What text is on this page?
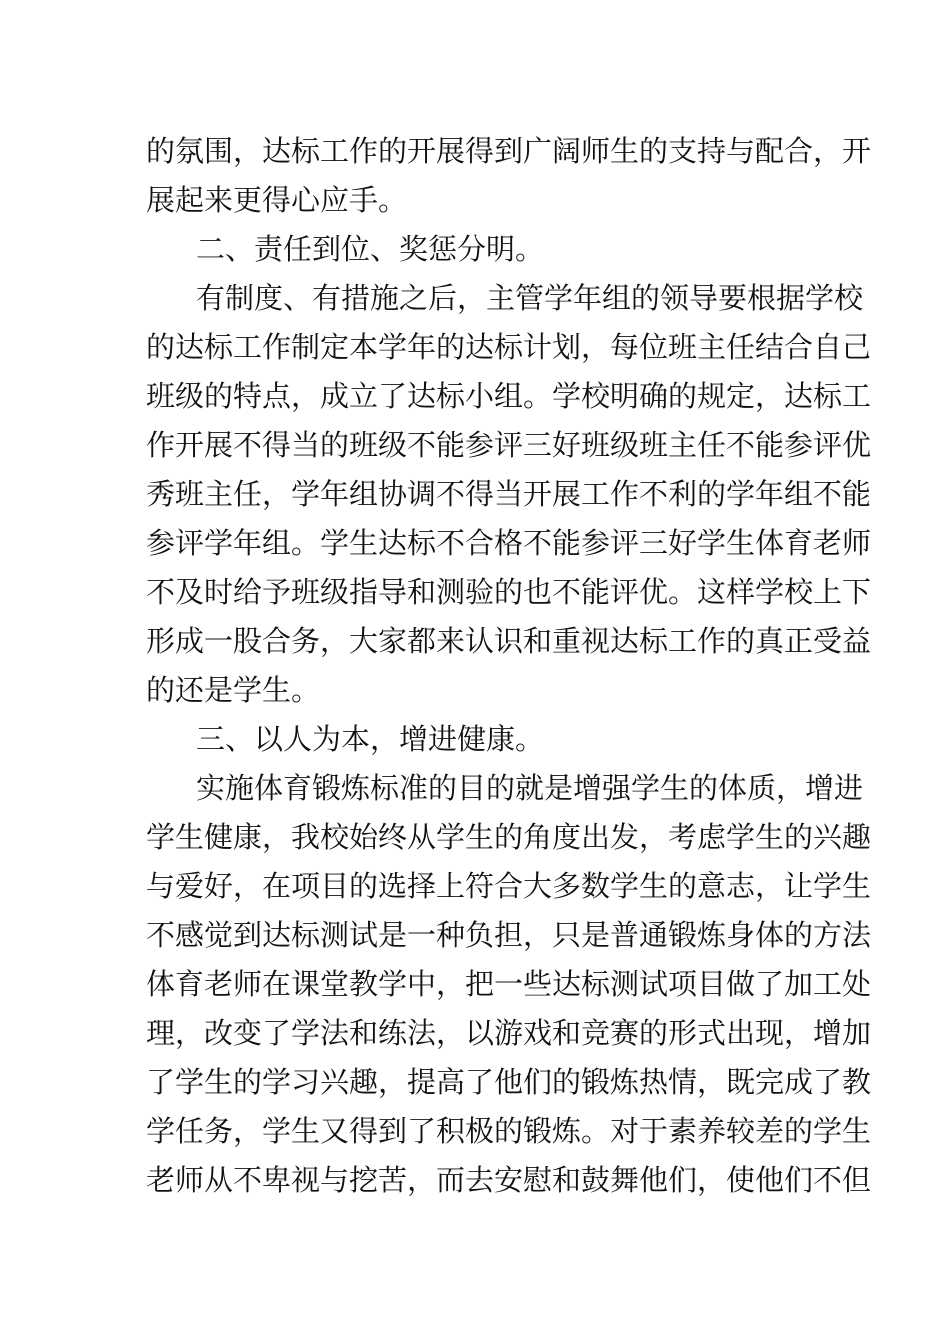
的氛围，达标工作的开展得到广阔师生的支持与配合，开
展起来更得心应手。
二、责任到位、奖惩分明。
有制度、有措施之后，主管学年组的领导要根据学校
的达标工作制定本学年的达标计划，每位班主任结合自己
班级的特点，成立了达标小组。学校明确的规定，达标工
作开展不得当的班级不能参评三好班级班主任不能参评优
秀班主任，学年组协调不得当开展工作不利的学年组不能
参评学年组。学生达标不合格不能参评三好学生体育老师
不及时给予班级指导和测验的也不能评优。这样学校上下
形成一股合务，大家都来认识和重视达标工作的真正受益
的还是学生。
三、以人为本，增进健康。
实施体育锻炼标准的目的就是增强学生的体质，增进
学生健康，我校始终从学生的角度出发，考虑学生的兴趣
与爱好，在项目的选择上符合大多数学生的意志，让学生
不感觉到达标测试是一种负担，只是普通锻炼身体的方法
体育老师在课堂教学中，把一些达标测试项目做了加工处
理，改变了学法和练法，以游戏和竞赛的形式出现，增加
了学生的学习兴趣，提高了他们的锻炼热情，既完成了教
学任务，学生又得到了积极的锻炼。对于素养较差的学生
老师从不卑视与挖苦，而去安慰和鼓舞他们，使他们不但
